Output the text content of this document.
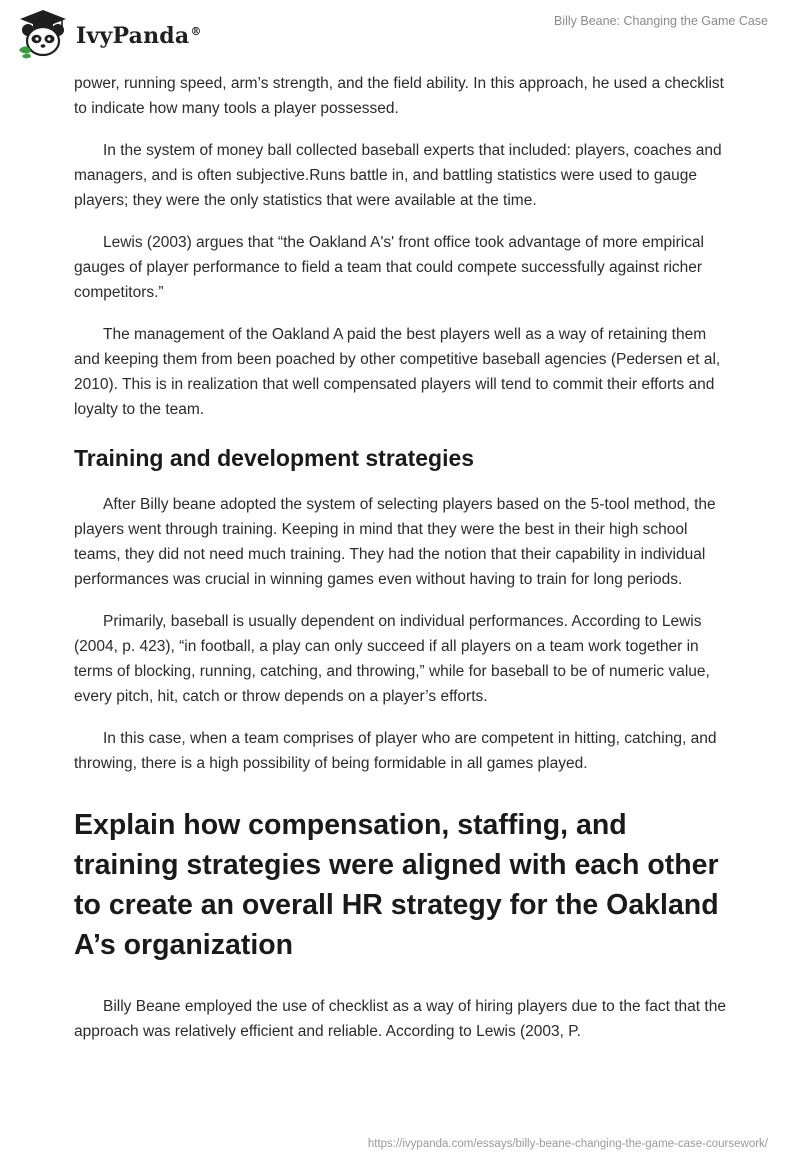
IvyPanda®
Billy Beane: Changing the Game Case

power, running speed, arm’s strength, and the field ability. In this approach, he used a checklist to indicate how many tools a player possessed.

In the system of money ball collected baseball experts that included: players, coaches and managers, and is often subjective.Runs battle in, and battling statistics were used to gauge players; they were the only statistics that were available at the time.

Lewis (2003) argues that “the Oakland A's' front office took advantage of more empirical gauges of player performance to field a team that could compete successfully against richer competitors.”

The management of the Oakland A paid the best players well as a way of retaining them and keeping them from been poached by other competitive baseball agencies (Pedersen et al, 2010). This is in realization that well compensated players will tend to commit their efforts and loyalty to the team.

Training and development strategies

After Billy beane adopted the system of selecting players based on the 5-tool method, the players went through training. Keeping in mind that they were the best in their high school teams, they did not need much training. They had the notion that their capability in individual performances was crucial in winning games even without having to train for long periods.

Primarily, baseball is usually dependent on individual performances. According to Lewis (2004, p. 423), “in football, a play can only succeed if all players on a team work together in terms of blocking, running, catching, and throwing,” while for baseball to be of numeric value, every pitch, hit, catch or throw depends on a player’s efforts.

In this case, when a team comprises of player who are competent in hitting, catching, and throwing, there is a high possibility of being formidable in all games played.

Explain how compensation, staffing, and training strategies were aligned with each other to create an overall HR strategy for the Oakland A’s organization

Billy Beane employed the use of checklist as a way of hiring players due to the fact that the approach was relatively efficient and reliable. According to Lewis (2003, P.

https://ivypanda.com/essays/billy-beane-changing-the-game-case-coursework/
